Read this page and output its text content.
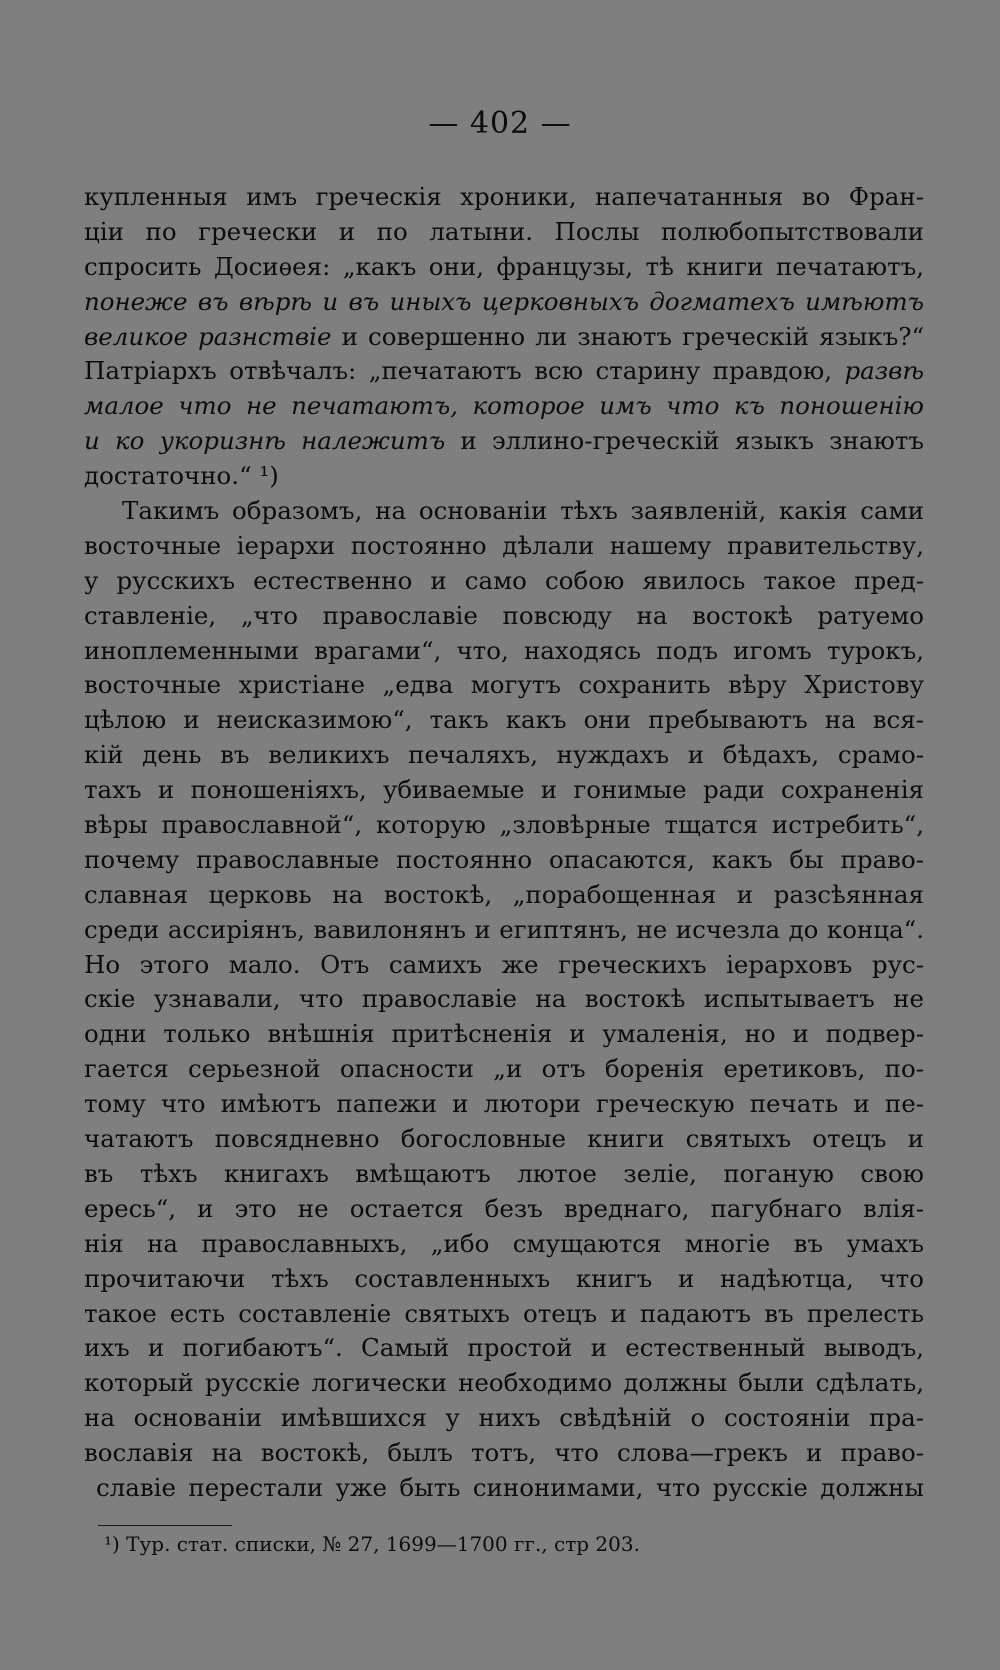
— 402 —
купленныя имъ греческія хроники, напечатанныя во Фран-
ціи по гречески и по латыни. Послы полюбопытствовали
спросить Досиѳея: „какъ они, французы, тѣ книги печатаютъ,
понеже въ вѣрѣ и въ иныхъ церковныхъ догматехъ имѣютъ
великое разнствіе и совершенно ли знаютъ греческій языкъ?“
Патріархъ отвѣчалъ: „печатаютъ всю старину правдою, развѣ
малое что не печатаютъ, которое имъ что къ поношенію
и ко укоризнѣ належитъ и эллино-греческій языкъ знаютъ
достаточно.“ ¹)
Такимъ образомъ, на основаніи тѣхъ заявленій, какія сами
восточные іерархи постоянно дѣлали нашему правительству,
у русскихъ естественно и само собою явилось такое пред-
ставленіе, „что православіе повсюду на востокѣ ратуемо
иноплеменными врагами“, что, находясь подъ игомъ турокъ,
восточные христіане „едва могутъ сохранить вѣру Христову
цѣлою и неисказимою“, такъ какъ они пребываютъ на вся-
кій день въ великихъ печаляхъ, нуждахъ и бѣдахъ, срамо-
тахъ и поношеніяхъ, убиваемые и гонимые ради сохраненія
вѣры православной“, которую „зловѣрные тщатся истребить“,
почему православные постоянно опасаются, какъ бы право-
славная церковь на востокѣ, „порабощенная и разсѣянная
среди ассиріянъ, вавилонянъ и египтянъ, не исчезла до конца“.
Но этого мало. Отъ самихъ же греческихъ іерарховъ рус-
скіе узнавали, что православіе на востокѣ испытываетъ не
одни только внѣшнія притѣсненія и умаленія, но и подвер-
гается серьезной опасности „и отъ боренія еретиковъ, по-
тому что имѣютъ папежи и лютори греческую печать и пе-
чатаютъ повсядневно богословные книги святыхъ отецъ и
въ тѣхъ книгахъ вмѣщаютъ лютое зеліе, поганую свою
ересь“, и это не остается безъ вреднаго, пагубнаго влія-
нія на православныхъ, „ибо смущаются многіе въ умахъ
прочитаючи тѣхъ составленныхъ книгъ и надѣютца, что
такое есть составленіе святыхъ отецъ и падаютъ въ прелесть
ихъ и погибаютъ“. Самый простой и естественный выводъ,
который русскіе логически необходимо должны были сдѣлать,
на основаніи имѣвшихся у нихъ свѣдѣній о состояніи пра-
вославія на востокѣ, былъ тотъ, что слова—грекъ и право-
славіе перестали уже быть синонимами, что русскіе должны
¹) Тур. стат. списки, № 27, 1699—1700 гг., стр 203.
